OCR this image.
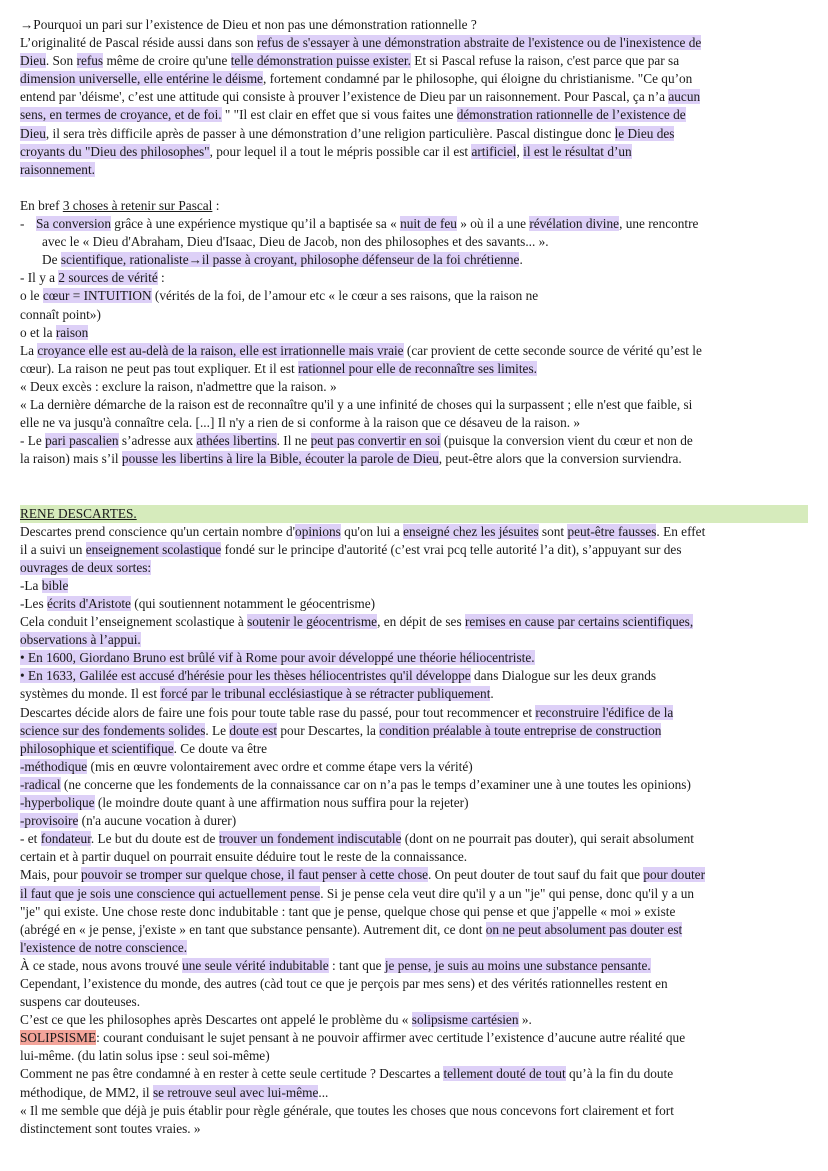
→Pourquoi un pari sur l’existence de Dieu et non pas une démonstration rationnelle ?
L’originalité de Pascal réside aussi dans son refus de s'essayer à une démonstration abstraite de l'existence ou de l'inexistence de
Dieu. Son refus même de croire qu'une telle démonstration puisse exister. Et si Pascal refuse la raison, c'est parce que par sa
dimension universelle, elle entérine le déisme, fortement condamné par le philosophe, qui éloigne du christianisme. "Ce qu’on
entend par 'déisme', c’est une attitude qui consiste à prouver l’existence de Dieu par un raisonnement. Pour Pascal, ça n’a aucun
sens, en termes de croyance, et de foi. " "Il est clair en effet que si vous faites une démonstration rationnelle de l’existence de
Dieu, il sera très difficile après de passer à une démonstration d’une religion particulière. Pascal distingue donc le Dieu des
croyants du "Dieu des philosophes", pour lequel il a tout le mépris possible car il est artificiel, il est le résultat d’un
raisonnement.
En bref 3 choses à retenir sur Pascal :
- Sa conversion grâce à une expérience mystique qu’il a baptisée sa « nuit de feu » où il a une révélation divine, une rencontre
avec le « Dieu d'Abraham, Dieu d'Isaac, Dieu de Jacob, non des philosophes et des savants... ».
De scientifique, rationaliste→il passe à croyant, philosophe défenseur de la foi chrétienne.
- Il y a 2 sources de vérité :
o le cœur = INTUITION (vérités de la foi, de l’amour etc « le cœur a ses raisons, que la raison ne
connaît point»)
o et la raison
La croyance elle est au-delà de la raison, elle est irrationnelle mais vraie (car provient de cette seconde source de vérité qu’est le
cœur). La raison ne peut pas tout expliquer. Et il est rationnel pour elle de reconnaître ses limites.
« Deux excès : exclure la raison, n'admettre que la raison. »
« La dernière démarche de la raison est de reconnaître qu'il y a une infinité de choses qui la surpassent ; elle n'est que faible, si
elle ne va jusqu'à connaître cela. [...] Il n'y a rien de si conforme à la raison que ce désaveu de la raison. »
- Le pari pascalien s’adresse aux athées libertins. Il ne peut pas convertir en soi (puisque la conversion vient du cœur et non de
la raison) mais s’il pousse les libertins à lire la Bible, écouter la parole de Dieu, peut-être alors que la conversion surviendra.
RENE DESCARTES.
Descartes prend conscience qu'un certain nombre d'opinions qu'on lui a enseigné chez les jésuites sont peut-être fausses. En effet
il a suivi un enseignement scolastique fondé sur le principe d'autorité (c’est vrai pcq telle autorité l’a dit), s’appuyant sur des
ouvrages de deux sortes:
-La bible
-Les écrits d'Aristote (qui soutiennent notamment le géocentrisme)
Cela conduit l’enseignement scolastique à soutenir le géocentrisme, en dépit de ses remises en cause par certains scientifiques,
observations à l’appui.
• En 1600, Giordano Bruno est brûlé vif à Rome pour avoir développé une théorie héliocentriste.
• En 1633, Galilée est accusé d'hérésie pour les thèses héliocentristes qu'il développe dans Dialogue sur les deux grands
systèmes du monde. Il est forcé par le tribunal ecclésiastique à se rétracter publiquement.
Descartes décide alors de faire une fois pour toute table rase du passé, pour tout recommencer et reconstruire l'édifice de la
science sur des fondements solides. Le doute est pour Descartes, la condition préalable à toute entreprise de construction
philosophique et scientifique. Ce doute va être
-méthodique (mis en œuvre volontairement avec ordre et comme étape vers la vérité)
-radical (ne concerne que les fondements de la connaissance car on n’a pas le temps d’examiner une à une toutes les opinions)
-hyperbolique (le moindre doute quant à une affirmation nous suffira pour la rejeter)
-provisoire (n'a aucune vocation à durer)
- et fondateur. Le but du doute est de trouver un fondement indiscutable (dont on ne pourrait pas douter), qui serait absolument
certain et à partir duquel on pourrait ensuite déduire tout le reste de la connaissance.
Mais, pour pouvoir se tromper sur quelque chose, il faut penser à cette chose. On peut douter de tout sauf du fait que pour douter
il faut que je sois une conscience qui actuellement pense. Si je pense cela veut dire qu'il y a un "je" qui pense, donc qu'il y a un
"je" qui existe. Une chose reste donc indubitable : tant que je pense, quelque chose qui pense et que j'appelle « moi » existe
(abrégé en « je pense, j'existe » en tant que substance pensante). Autrement dit, ce dont on ne peut absolument pas douter est
l'existence de notre conscience.
À ce stade, nous avons trouvé une seule vérité indubitable : tant que je pense, je suis au moins une substance pensante.
Cependant, l’existence du monde, des autres (càd tout ce que je perçois par mes sens) et des vérités rationnelles restent en
suspens car douteuses.
C’est ce que les philosophes après Descartes ont appelé le problème du « solipsisme cartésien ».
SOLIPSISME: courant conduisant le sujet pensant à ne pouvoir affirmer avec certitude l’existence d’aucune autre réalité que
lui-même. (du latin solus ipse : seul soi-même)
Comment ne pas être condamné à en rester à cette seule certitude ? Descartes a tellement douté de tout qu’à la fin du doute
méthodique, de MM2, il se retrouve seul avec lui-même...
« Il me semble que déjà je puis établir pour règle générale, que toutes les choses que nous concevons fort clairement et fort
distinctement sont toutes vraies. »
